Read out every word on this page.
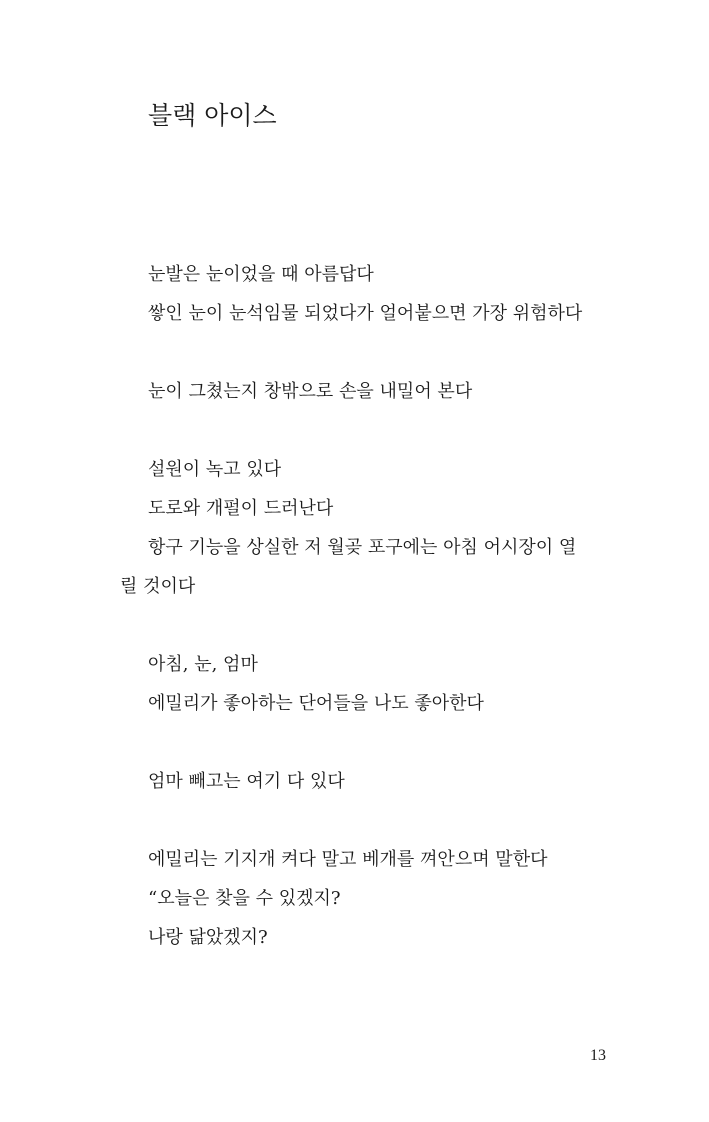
블랙 아이스
눈발은 눈이었을 때 아름답다
쌓인 눈이 눈석임물 되었다가 얼어붙으면 가장 위험하다
눈이 그쳤는지 창밖으로 손을 내밀어 본다
설원이 녹고 있다
도로와 개펄이 드러난다
항구 기능을 상실한 저 월곶 포구에는 아침 어시장이 열
릴 것이다
아침, 눈, 엄마
에밀리가 좋아하는 단어들을 나도 좋아한다
엄마 빼고는 여기 다 있다
에밀리는 기지개 켜다 말고 베개를 껴안으며 말한다
“오늘은 찾을 수 있겠지?
나랑 닮았겠지?
13
